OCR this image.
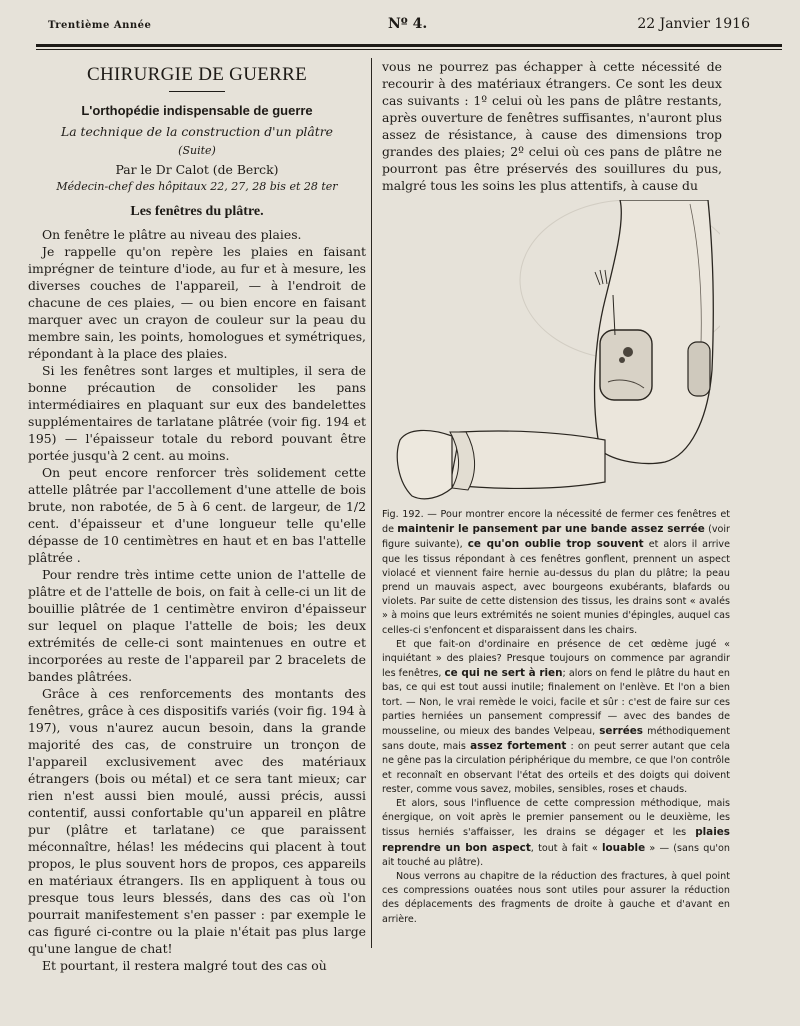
Trentième Année	Nº 4.	22 Janvier 1916
CHIRURGIE DE GUERRE
L'orthopédie indispensable de guerre
La technique de la construction d'un plâtre
(Suite)
Par le Dr Calot (de Berck)
Médecin-chef des hôpitaux 22, 27, 28 bis et 28 ter
Les fenêtres du plâtre.

On fenêtre le plâtre au niveau des plaies.

Je rappelle qu'on repère les plaies en faisant imprégner de teinture d'iode, au fur et à mesure, les diverses couches de l'appareil, — à l'endroit de chacune de ces plaies, — ou bien encore en faisant marquer avec un crayon de couleur sur la peau du membre sain, les points, homologues et symétriques, répondant à la place des plaies.

Si les fenêtres sont larges et multiples, il sera de bonne précaution de consolider les pans intermédiaires en plaquant sur eux des bandelettes supplémentaires de tarlatane plâtrée (voir fig. 194 et 195) — l'épaisseur totale du rebord pouvant être portée jusqu'à 2 cent. au moins.

On peut encore renforcer très solidement cette attelle plâtrée par l'accollement d'une attelle de bois brute, non rabotée, de 5 à 6 cent. de largeur, de 1/2 cent. d'épaisseur et d'une longueur telle qu'elle dépasse de 10 centimètres en haut et en bas l'attelle plâtrée .

Pour rendre très intime cette union de l'attelle de plâtre et de l'attelle de bois, on fait à celle-ci un lit de bouillie plâtrée de 1 centimètre environ d'épaisseur sur lequel on plaque l'attelle de bois; les deux extrémités de celle-ci sont maintenues en outre et incorporées au reste de l'appareil par 2 bracelets de bandes plâtrées.

Grâce à ces renforcements des montants des fenêtres, grâce à ces dispositifs variés (voir fig. 194 à 197), vous n'aurez aucun besoin, dans la grande majorité des cas, de construire un tronçon de l'appareil exclusivement avec des matériaux étrangers (bois ou métal) et ce sera tant mieux; car rien n'est aussi bien moulé, aussi précis, aussi contentif, aussi confortable qu'un appareil en plâtre pur (plâtre et tarlatane) ce que paraissent méconnaître, hélas! les médecins qui placent à tout propos, le plus souvent hors de propos, ces appareils en matériaux étrangers. Ils en appliquent à tous ou presque tous leurs blessés, dans des cas où l'on pourrait manifestement s'en passer : par exemple le cas figuré ci-contre ou la plaie n'était pas plus large qu'une langue de chat!

Et pourtant, il restera malgré tout des cas où

vous ne pourrez pas échapper à cette nécessité de recourir à des matériaux étrangers. Ce sont les deux cas suivants : 1º celui où les pans de plâtre restants, après ouverture de fenêtres suffisantes, n'auront plus assez de résistance, à cause des dimensions trop grandes des plaies; 2º celui où ces pans de plâtre ne pourront pas être préservés des souillures du pus, malgré tous les soins les plus attentifs, à cause du

Fig. 192. — Pour montrer encore la nécessité de fermer ces fenêtres et de maintenir le pansement par une bande assez serrée (voir figure suivante), ce qu'on oublie trop souvent et alors il arrive que les tissus répondant à ces fenêtres gonflent, prennent un aspect violacé et viennent faire hernie au-dessus du plan du plâtre; la peau prend un mauvais aspect, avec bourgeons exubérants, blafards ou violets. Par suite de cette distension des tissus, les drains sont « avalés » à moins que leurs extrémités ne soient munies d'épingles, auquel cas celles-ci s'enfoncent et disparaissent dans les chairs.

Et que fait-on d'ordinaire en présence de cet œdème jugé « inquiétant » des plaies? Presque toujours on commence par agrandir les fenêtres, ce qui ne sert à rien; alors on fend le plâtre du haut en bas, ce qui est tout aussi inutile; finalement on l'enlève. Et l'on a bien tort. — Non, le vrai remède le voici, facile et sûr : c'est de faire sur ces parties herniées un pansement compressif — avec des bandes de mousseline, ou mieux des bandes Velpeau, serrées méthodiquement sans doute, mais assez fortement : on peut serrer autant que cela ne gêne pas la circulation périphérique du membre, ce que l'on contrôle et reconnaît en observant l'état des orteils et des doigts qui doivent rester, comme vous savez, mobiles, sensibles, roses et chauds.

Et alors, sous l'influence de cette compression méthodique, mais énergique, on voit après le premier pansement ou le deuxième, les tissus herniés s'affaisser, les drains se dégager et les plaies reprendre un bon aspect, tout à fait « louable » — (sans qu'on ait touché au plâtre).

Nous verrons au chapitre de la réduction des fractures, à quel point ces compressions ouatées nous sont utiles pour assurer la réduction des déplacements des fragments de droite à gauche et d'avant en arrière.
